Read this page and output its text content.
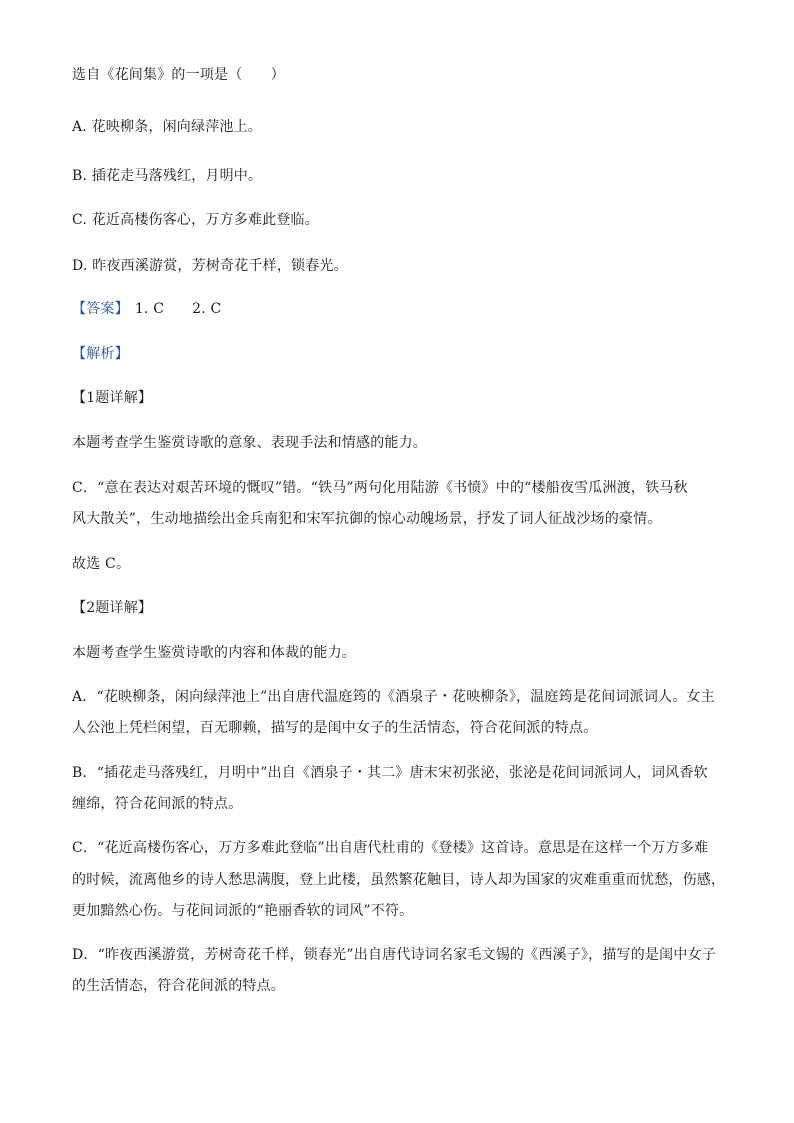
选自《花间集》的一项是（　　）
A. 花映柳条，闲向绿萍池上。
B. 插花走马落残红，月明中。
C. 花近高楼伤客心，万方多难此登临。
D. 昨夜西溪游赏，芳树奇花千样，锁春光。
【答案】 1. C 2. C
【解析】
【1题详解】
本题考查学生鉴赏诗歌的意象、表现手法和情感的能力。
C．“意在表达对艰苦环境的慨叹”错。“铁马”两句化用陆游《书愤》中的“楼船夜雪瓜洲渡，铁马秋
风大散关”，生动地描绘出金兵南犯和宋军抗御的惊心动魄场景，抒发了词人征战沙场的豪情。
故选 C。
【2题详解】
本题考查学生鉴赏诗歌的内容和体裁的能力。
A．“花映柳条，闲向绿萍池上”出自唐代温庭筠的《酒泉子・花映柳条》，温庭筠是花间词派词人。女主
人公池上凭栏闲望，百无聊赖，描写的是闺中女子的生活情态，符合花间派的特点。
B．“插花走马落残红，月明中”出自《酒泉子・其二》唐末宋初张泌，张泌是花间词派词人，词风香软
缠绵，符合花间派的特点。
C．“花近高楼伤客心，万方多难此登临”出自唐代杜甫的《登楼》这首诗。意思是在这样一个万方多难
的时候，流离他乡的诗人愁思满腹，登上此楼，虽然繁花触目，诗人却为国家的灾难重重而忧愁，伤感，
更加黯然心伤。与花间词派的“艳丽香软的词风”不符。
D．“昨夜西溪游赏，芳树奇花千样，锁春光”出自唐代诗词名家毛文锡的《西溪子》，描写的是闺中女子
的生活情态，符合花间派的特点。
